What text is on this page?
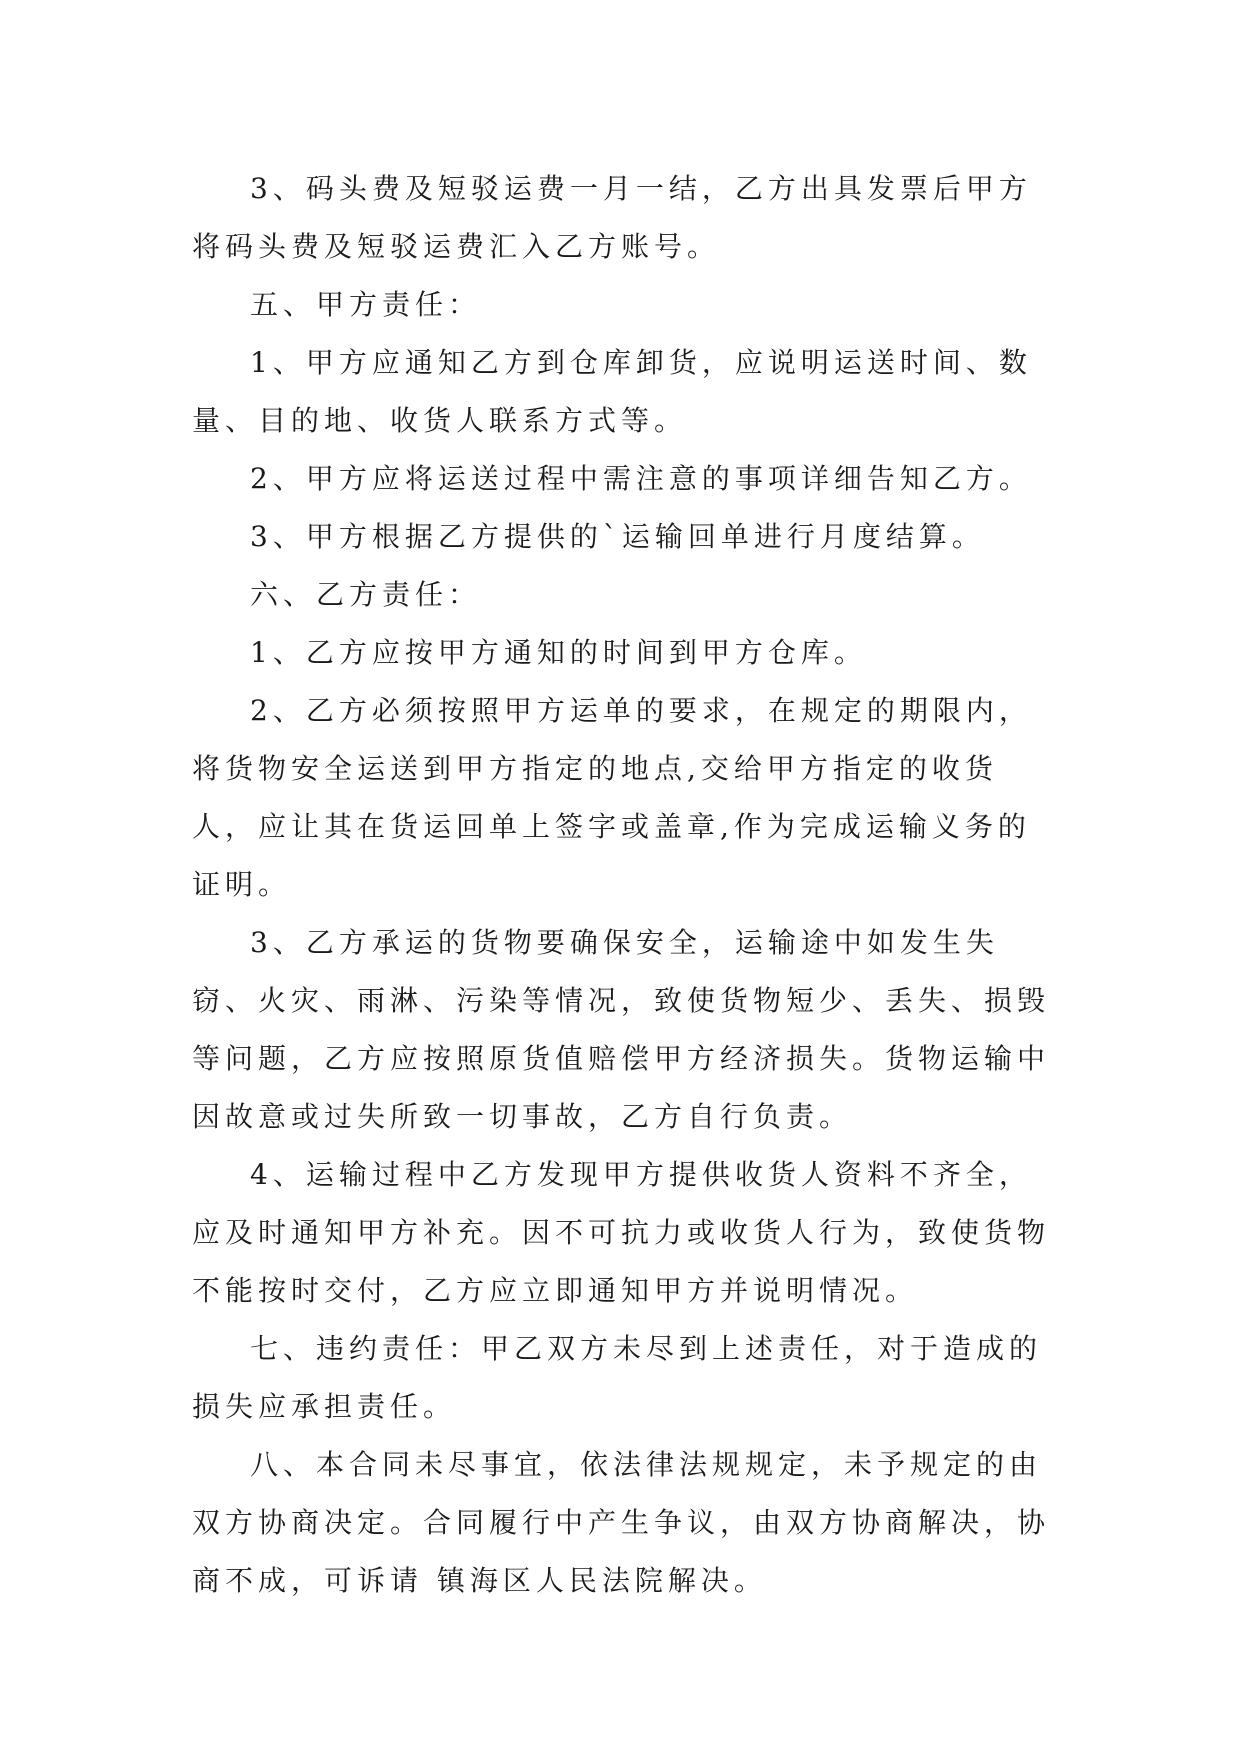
3、码头费及短驳运费一月一结，乙方出具发票后甲方将码头费及短驳运费汇入乙方账号。

五、甲方责任：

1、甲方应通知乙方到仓库卸货，应说明运送时间、数量、目的地、收货人联系方式等。

2、甲方应将运送过程中需注意的事项详细告知乙方。

3、甲方根据乙方提供的`运输回单进行月度结算。

六、乙方责任：

1、乙方应按甲方通知的时间到甲方仓库。

2、乙方必须按照甲方运单的要求，在规定的期限内，将货物安全运送到甲方指定的地点,交给甲方指定的收货人，应让其在货运回单上签字或盖章,作为完成运输义务的证明。

3、乙方承运的货物要确保安全，运输途中如发生失窃、火灾、雨淋、污染等情况，致使货物短少、丢失、损毁等问题，乙方应按照原货值赔偿甲方经济损失。货物运输中因故意或过失所致一切事故，乙方自行负责。

4、运输过程中乙方发现甲方提供收货人资料不齐全，应及时通知甲方补充。因不可抗力或收货人行为，致使货物不能按时交付，乙方应立即通知甲方并说明情况。

七、违约责任：甲乙双方未尽到上述责任，对于造成的损失应承担责任。

八、本合同未尽事宜，依法律法规规定，未予规定的由双方协商决定。合同履行中产生争议，由双方协商解决，协商不成，可诉请 镇海区人民法院解决。
